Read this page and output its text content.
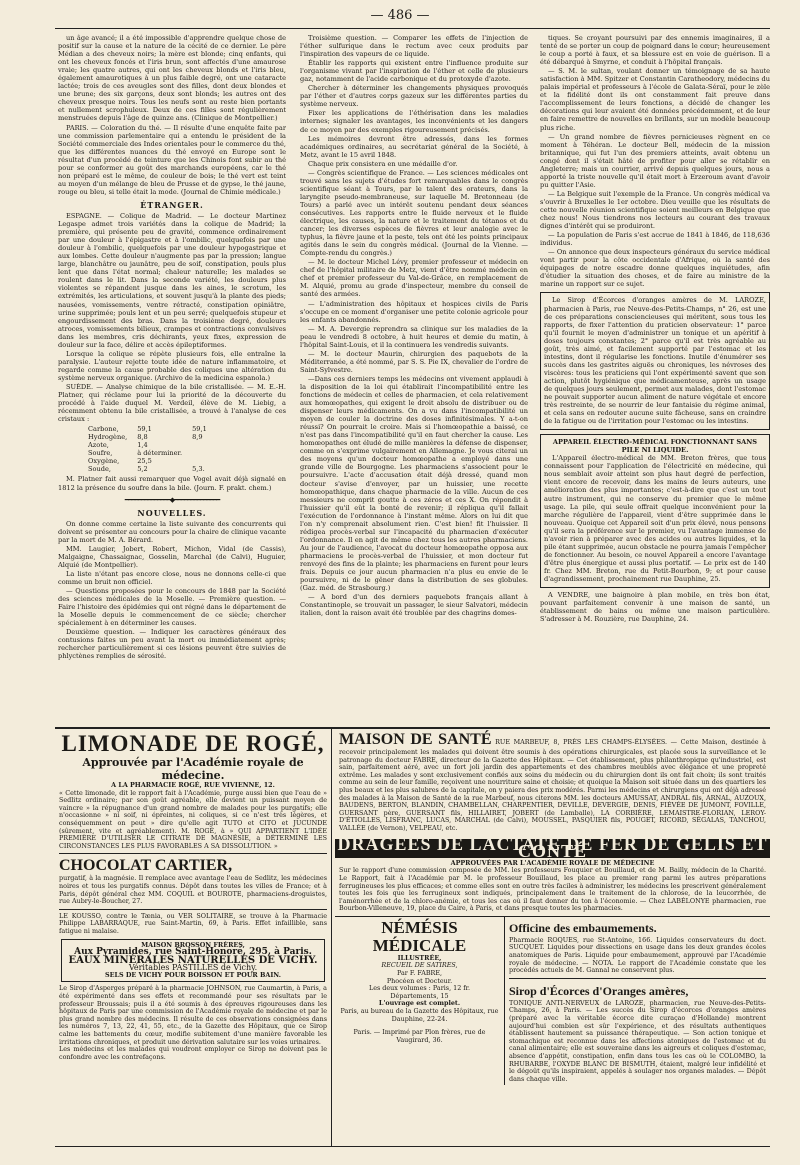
— 486 —

un âge avancé; il a été impossible d'apprendre quelque chose de positif sur la cause et la nature de la cécité de ce dernier. Le père Médian a des cheveux noirs; la mère est blonde; cinq enfants, qui ont les cheveux foncés et l'iris brun, sont affectés d'une amaurose vraie; les quatre autres, qui ont les cheveux blonds et l'iris bleu, également amaurotiques à un plus faible degré, ont une cataracte lactée; trois de ces aveugles sont des filles, dont deux blondes et une brune; des six garçons, deux sont blonds; les autres ont des cheveux presque noirs. Tous les neufs sont au reste bien portants et nullement scrophuleux. Deux de ces filles sont régulièrement menstruées depuis l'âge de quinze ans. (Clinique de Montpellier.)

PARIS. — Coloration du thé. — Il résulte d'une enquête faite par une commission parlementaire qui a entendu le président de la Société commerciale des Indes orientales pour le commerce du thé, que les différentes nuances du thé envoyé en Europe sont le résultat d'un procédé de teinture que les Chinois font subir au thé pour se conformer au goût des marchands européens, car le thé non préparé est le même, de couleur de bois; le thé vert est teint au moyen d'un mélange de bleu de Prusse et de gypse, le thé jaune, rouge ou bleu, si telle était la mode. (Journal de Chimie médicale.)

ÉTRANGER.

ESPAGNE. — Colique de Madrid. — Le docteur Martinez Legaspe admet trois variétés dans la colique de Madrid; la première, qui présente peu de gravité, commence ordinairement par une douleur à l'épigastre et à l'ombilic, quelquefois par une douleur à l'ombilic, quelquefois par une douleur hypogastrique et aux lombes. Cette douleur n'augmente pas par la pression; langue large, blanchâtre ou jaunâtre, peu de soif, constipation, pouls plus lent que dans l'état normal; chaleur naturelle; les malades se roulent dans le lit. Dans la seconde variété, les douleurs plus violentes se répandent jusque dans les aines, le scrotum, les extrémités, les articulations, et souvent jusqu'à la plante des pieds; nausées, vomissements, ventre rétracté, constipation opiniâtre, urine supprimée; pouls lent et un peu serré; quelquefois stupeur et engourdissement des bras. Dans la troisième degré, douleurs atroces, vomissements bilieux, crampes et contractions convulsives dans les membres, cris déchirants, yeux fixes, expression de douleur sur la face, délire et accès épileptiformes.

Lorsque la colique se répète plusieurs fois, elle entraîne la paralysie. L'auteur rejette toute idée de nature inflammatoire, et regarde comme la cause probable des coliques une altération du système nerveux organique. (Archivo de la medicina espanola.)

SUÈDE. — Analyse chimique de la bile cristallisée. — M. E.-H. Platner, qui réclame pour lui la priorité de la découverte du procédé à l'aide duquel M. Verdeil, élève de M. Liebig, a récemment obtenu la bile cristallisée, a trouvé à l'analyse de ces cristaux :

Carbone,	59,1	59,1
Hydrogène,	8,8	8,9
Azote,	1,4	
Soufre,	à déterminer.	
Oxygène,	25,5	
Soude,	5,2	5,3.

M. Platner fait aussi remarquer que Vogel avait déjà signalé en 1812 la présence du soufre dans la bile. (Journ. F. prakt. chem.)

━━━━━━━━━━━━━━◆━━━━━━━━━━━━━━
NOUVELLES.

On donne comme certaine la liste suivante des concurrents qui doivent se présenter au concours pour la chaire de clinique vacante par la mort de M. A. Bérard.

MM. Laugier, Jobert, Robert, Michon, Vidal (de Cassis), Malgaigne, Chassaignac, Gosselin, Marchal (de Calvi), Huguier, Alquié (de Montpellier).

La liste n'étant pas encore close, nous ne donnons celle-ci que comme un bruit non officiel.

— Questions proposées pour le concours de 1848 par la Société des sciences médicales de la Moselle. — Première question. — Faire l'histoire des épidémies qui ont régné dans le département de la Moselle depuis le commencement de ce siècle; chercher spécialement à en déterminer les causes.

Deuxième question. — Indiquer les caractères généraux des contusions faites un peu avant la mort ou immédiatement après; rechercher particulièrement si ces lésions peuvent être suivies de phlyctènes remplies de sérosité.

Troisième question. — Comparer les effets de l'injection de l'éther sulfurique dans le rectum avec ceux produits par l'inspiration des vapeurs de ce liquide.

Établir les rapports qui existent entre l'influence produite sur l'organisme vivant par l'inspiration de l'éther et celle de plusieurs gaz, notamment de l'acide carbonique et du protoxyde d'azote.

Chercher à déterminer les changements physiques provoqués par l'éther et d'autres corps gazeux sur les différentes parties du système nerveux.

Fixer les applications de l'éthérisation dans les maladies internes; signaler les avantages, les inconvénients et les dangers de ce moyen par des exemples rigoureusement précisés.

Les mémoires devront être adressés, dans les formes académiques ordinaires, au secrétariat général de la Société, à Metz, avant le 15 avril 1848.

Chaque prix consistera en une médaille d'or.

— Congrès scientifique de France. — Les sciences médicales ont trouvé sans les sujets d'études fort remarquables dans le congrès scientifique séant à Tours, par le talent des orateurs, dans la laryngite pseudo-membraneuse, sur laquelle M. Bretonneau (de Tours) a parlé avec un intérêt soutenu pendant deux séances consécutives. Les rapports entre le fluide nerveux et le fluide électrique, les causes, la nature et le traitement du tétanos et du cancer; les diverses espèces de fièvres et leur analogie avec le typhus, la fièvre jaune et la peste, tels ont été les points principaux agités dans le sein du congrès médical. (Journal de la Vienne. — Compte-rendu du congrès.)

— M. le docteur Michel Lévy, premier professeur et médecin en chef de l'hôpital militaire de Metz, vient d'être nommé médecin en chef et premier professeur du Val-de-Grâce, en remplacement de M. Alquié, promu au grade d'inspecteur, membre du conseil de santé des armées.

— L'administration des hôpitaux et hospices civils de Paris s'occupe en ce moment d'organiser une petite colonie agricole pour les enfants abandonnés.

— M. A. Devergie reprendra sa clinique sur les maladies de la peau le vendredi 8 octobre, à huit heures et demie du matin, à l'hôpital Saint-Louis, et il la continuera les vendredis suivants.

— M. le docteur Maurin, chirurgien des paquebots de la Méditerranée, a été nommé, par S. S. Pie IX, chevalier de l'ordre de Saint-Sylvestre.

—Dans ces derniers temps les médecins ont vivement applaudi à la disposition de la loi qui établirait l'incompatibilité entre les fonctions de médecin et celles de pharmacien, et cela relativement aux homœopathes, qui exigent le droit absolu de distribuer ou de dispenser leurs médicaments. On a vu dans l'incompatibilité un moyen de couler la doctrine des doses infinitésimales. Y a-t-on réussi? On pourrait le croire. Mais si l'homœopathie a baissé, ce n'est pas dans l'incompatibilité qu'il en faut chercher la cause. Les homœopathes ont éludé de mille manières la défense de dispenser, comme on s'exprime vulgairement en Allemagne. Je vous citerai un des moyens qu'un docteur homœopathe a employé dans une grande ville de Bourgogne. Les pharmaciens s'associent pour le poursuivre. L'acte d'accusation était déjà dressé, quand mon docteur s'avise d'envoyer, par un huissier, une recette homœopathique, dans chaque pharmacie de la ville. Aucun de ces messieurs ne comprit goutte à ces zéros et ces X. On répondit à l'huissier qu'il eût la bonté de revenir; il répliqua qu'il fallait l'exécution de l'ordonnance à l'instant même. Alors on lui dit que l'on n'y comprenait absolument rien. C'est bien! fit l'huissier. Il rédigea procès-verbal sur l'incapacité du pharmacien d'exécuter l'ordonnance. Il en agit de même chez tous les autres pharmaciens. Au jour de l'audience, l'avocat du docteur homœopathe opposa aux pharmaciens le procès-verbal de l'huissier, et mon docteur fut renvoyé des fins de la plainte; les pharmaciens en furent pour leurs frais. Depuis ce jour aucun pharmacien n'a plus eu envie de le poursuivre, ni de le gêner dans la distribution de ses globules. (Gaz. méd. de Strasbourg.)

— A bord d'un des derniers paquebots français allant à Constantinople, se trouvait un passager, le sieur Salvatori, médecin italien, dont la raison avait été troublée par des chagrins domes-

tiques. Se croyant poursuivi par des ennemis imaginaires, il a tenté de se porter un coup de poignard dans le cœur; heureusement le coup a porté à faux, et sa blessure est en voie de guérison. Il a été débarqué à Smyrne, et conduit à l'hôpital français.

— S. M. le sultan, voulant donner un témoignage de sa haute satisfaction à MM. Spitzer et Constantin Caratheodory, médecins du palais impérial et professeurs à l'école de Galata-Séraï, pour le zèle et la fidélité dont ils ont constamment fait preuve dans l'accomplissement de leurs fonctions, a décidé de changer les décorations qui leur avaient été données précédemment, et de leur en faire remettre de nouvelles en brillants, sur un modèle beaucoup plus riche.

— Un grand nombre de fièvres pernicieuses règnent en ce moment à Téhéran. Le docteur Bell, médecin de la mission britannique, qui fut l'un des premiers atteints, avait obtenu un congé dont il s'était hâté de profiter pour aller se rétablir en Angleterre; mais un courrier, arrivé depuis quelques jours, nous a apporté la triste nouvelle qu'il était mort à Erzeroum avant d'avoir pu quitter l'Asie.

— La Belgique suit l'exemple de la France. Un congrès médical va s'ouvrir à Bruxelles le 1er octobre. Dieu veuille que les résultats de cette nouvelle réunion scientifique soient meilleurs en Belgique que chez nous! Nous tiendrons nos lecteurs au courant des travaux dignes d'intérêt qui se produiront.

— La population de Paris s'est accrue de 1841 à 1846, de 118,636 individus.

— On annonce que deux inspecteurs généraux du service médical vont partir pour la côte occidentale d'Afrique, où la santé des équipages de notre escadre donne quelques inquiétudes, afin d'étudier la situation des choses, et de faire au ministre de la marine un rapport sur ce sujet.

Le Sirop d'Écorces d'oranges amères de M. LAROZE, pharmacien à Paris, rue Neuve-des-Petits-Champs, n° 26, est une de ces préparations consciencieuses qui méritent, sous tous les rapports, de fixer l'attention du praticien observateur: 1° parce qu'il fournit le moyen d'administrer un tonique et un apéritif à doses toujours constantes; 2° parce qu'il est très agréable au goût, très aimé, et facilement supporté par l'estomac et les intestins, dont il régularise les fonctions. Inutile d'énumérer ses succès dans les gastrites aiguës ou chroniques, les névroses des viscères: tous les praticiens qui l'ont expérimenté savent que son action, plutôt hygiénique que médicamenteuse, après un usage de quelques jours seulement, permet aux malades, dont l'estomac ne pouvait supporter aucun aliment de nature végétale et encore très restreinte, de se nourrir de leur fantaisie du régime animal, et cela sans en redouter aucune suite fâcheuse, sans en craindre de la fatigue ou de l'irritation pour l'estomac ou les intestins.

APPAREIL ÉLECTRO-MÉDICAL FONCTIONNANT SANS PILE NI LIQUIDE.

L'Appareil électro-médical de MM. Breton frères, que tous connaissent pour l'application de l'électricité en médecine, qui nous semblait avoir atteint son plus haut degré de perfection, vient encore de recevoir, dans les mains de leurs auteurs, une amélioration des plus importantes; c'est-à-dire que c'est un tout autre instrument, qui ne conserve du premier que le même usage. La pile, qui seule offrait quelque inconvénient pour la marche régulière de l'appareil, vient d'être supprimée dans le nouveau. Quoique cet Appareil soit d'un prix élevé, nous pensons qu'il sera la préférence sur le premier, vu l'avantage immense de n'avoir rien à préparer avec des acides ou autres liquides, et la pile étant supprimée, aucun obstacle ne pourra jamais l'empêcher de fonctionner. Au besoin, ce nouvel Appareil a encore l'avantage d'être plus énergique et aussi plus portatif. — Le prix est de 140 fr. Chez MM. Breton, rue du Petit-Bourbon, 9; et pour cause d'agrandissement, prochainement rue Dauphine, 25.

A VENDRE, une baignoire à plan mobile, en très bon état, pouvant parfaitement convenir à une maison de santé, un établissement de bains ou même une maison particulière. S'adresser à M. Rouzière, rue Dauphine, 24.

LIMONADE DE ROGÉ,
Approuvée par l'Académie royale de médecine.
A LA PHARMACIE ROGÉ, RUE VIVIENNE, 12.

« Cette limonade, dit le rapport fait à l'Académie, purge aussi bien que l'eau de » Sedlitz ordinaire; par son goût agréable, elle devient un puissant moyen de vaincre » la répugnance d'un grand nombre de malades pour les purgatifs; elle n'occasionne » ni soif, ni épreintes, ni coliques, si ce n'est très légères, et conséquemment on peut » dire qu'elle agit TUTO et CITO et JUCUNDE (sûrement, vite et agréablement). M. ROGÉ, à » QUI APPARTIENT L'IDÉE PREMIÈRE D'UTILISER LE CITRATE DE MAGNÉSIE, a DÉTERMINÉ LES CIRCONSTANCES LES PLUS FAVORABLES A SA DISSOLUTION. »

CHOCOLAT CARTIER,

purgatif, à la magnésie. Il remplace avec avantage l'eau de Sedlitz, les médecines noires et tous les purgatifs connus. Dépôt dans toutes les villes de France; et à Paris, dépôt général chez MM. COQUIL et BOUROTE, pharmaciens-droguistes, rue Aubry-le-Boucher, 27.

LE KOUSSO, contre le Tænia, ou VER SOLITAIRE, se trouve à la Pharmacie Philippe LABARRAQUE, rue Saint-Martin, 69, à Paris. Effet infaillible, sans fatigue ni malaise.

MAISON BROSSON FRÈRES,
Aux Pyramides, rue Saint-Honoré, 295, à Paris.
EAUX MINÉRALES NATURELLES DE VICHY.
Véritables PASTILLES de Vichy.
SELS DE VICHY POUR BOISSON ET POUR BAIN.

Le Sirop d'Asperges préparé à la pharmacie JOHNSON, rue Caumartin, à Paris, a été expérimenté dans ses effets et recommandé pour ses résultats par le professeur Broussais; puis il a été soumis à des épreuves rigoureuses dans les hôpitaux de Paris par une commission de l'Académie royale de médecine et par le plus grand nombre des médecins. Il résulte de ces observations consignées dans les numéros 7, 13, 22, 41, 55, etc., de la Gazette des Hôpitaux, que ce Sirop calme les battements du cœur, modifie subitement d'une manière favorable les irritations chroniques, et produit une dérivation salutaire sur les voies urinaires.

Les médecins et les malades qui voudront employer ce Sirop ne doivent pas le confondre avec les contrefaçons.

MAISON DE SANTÉ RUE MARBEUF, 8, PRÈS LES CHAMPS-ÉLYSÉES. — Cette Maison, destinée à recevoir principalement les malades qui doivent être soumis à des opérations chirurgicales, est placée sous la surveillance et le patronage du docteur FABRE, directeur de la Gazette des Hôpitaux. — Cet établissement, plus philanthropique qu'industriel, est sain, parfaitement aéré, avec un fort joli jardin des appartements et des chambres meublés avec élégance et une propreté extrême. Les malades y sont exclusivement confiés aux soins du médecin ou du chirurgien dont ils ont fait choix; ils sont traités comme au sein de leur famille, reçoivent une nourriture saine et choisie; et quoique la Maison soit située dans un des quartiers les plus beaux et les plus salubres de la capitale, on y paiera des prix modérés. Parmi les médecins et chirurgiens qui ont déjà adressé des malades à la Maison de Santé de la rue Marbeuf, nous citerons MM. les docteurs AMUSSAT, ANDRAL fils, ARNAL, AUZOUX, BAUDENS, BERTON, BLANDIN, CHAMBELLAN, CHARPENTIER, DEVILLE, DEVERGIE, DENIS, FIÉVÉE DE JUMONT, FOVILLE, GUERSANT père, GUERSANT fils, HILLAIRET, JOBERT (de Lamballe), LA CORBIÈRE, LEMAISTRE-FLORIAN, LEROY-D'ÉTIOLLES, LISFRANC, LUCAS, MARCHAL (de Calvi), MOUSSEL, PASQUIER fils, POUGET, RICORD, SÉGALAS, TANCHOU, VALLÉE (de Vernon), VELPEAU, etc.
DRAGÉES DE LACTATE DE FER DE GÉLIS ET CONTÉ
APPROUVÉES PAR L'ACADÉMIE ROYALE DE MÉDECINE

Sur le rapport d'une commission composée de MM. les professeurs Fouquier et Bouillaud, et de M. Bailly, médecin de la Charité. Le Rapport, fait à l'Académie par M. le professeur Bouillaud, les place au premier rang parmi les autres préparations ferrugineuses les plus efficaces; et comme elles sont en outre très faciles à administrer, les médecins les prescrivent généralement toutes les fois que les ferrugineux sont indiqués, principalement dans le traitement de la chlorose, de la leucorrhée, de l'aménorrhée et de la chloro-anémie, et tous les cas où il faut donner du ton à l'économie. — Chez LABÉLONYE pharmacien, rue Bourbon-Villeneuve, 19, place du Caire, à Paris, et dans presque toutes les pharmacies.

NÉMÉSIS MÉDICALE
ILLUSTRÉE,
RECUEIL DE SATIRES,
Par F. FABRE,
Phocéen et Docteur.
Les deux volumes : Paris, 12 fr.
Départements, 15
L'ouvrage est complet.
Paris, au bureau de la Gazette des Hôpitaux, rue Dauphine, 22-24.
Paris. — Imprimé par Plon frères, rue de Vaugirard, 36.
Officine des embaumements.

Pharmacie ROQUES, rue St-Antoine, 166. Liquides conservateurs du doct. SUCQUET. Liquides pour dissections en usage dans les deux grandes écoles anatomiques de Paris. Liquide pour embaumement, approuvé par l'Académie royale de médecine. — NOTA. Le rapport de l'Académie constate que les procédés actuels de M. Gannal ne conservent plus.

Sirop d'Écorces d'Oranges amères,

TONIQUE ANTI-NERVEUX de LAROZE, pharmacien, rue Neuve-des-Petits-Champs, 26, à Paris. — Les succès du Sirop d'écorces d'oranges amères (préparé avec la véritable écorce dite curaçao d'Hollande) montrent aujourd'hui combien est sûr l'expérience, et des résultats authentiques établissent hautement sa puissance thérapeutique. — Son action tonique et stomachique est reconnue dans les affections atoniques de l'estomac et du canal alimentaire; elle est souveraine dans les aigreurs et coliques d'estomac, absence d'appétit, constipation, enfin dans tous les cas où le COLOMBO, la RHUBARBE, l'OXYDE BLANC DE BISMUTH, étaient, malgré leur infidélité et le dégoût qu'ils inspiraient, appelés à soulager nos organes malades. — Dépôt dans chaque ville.
